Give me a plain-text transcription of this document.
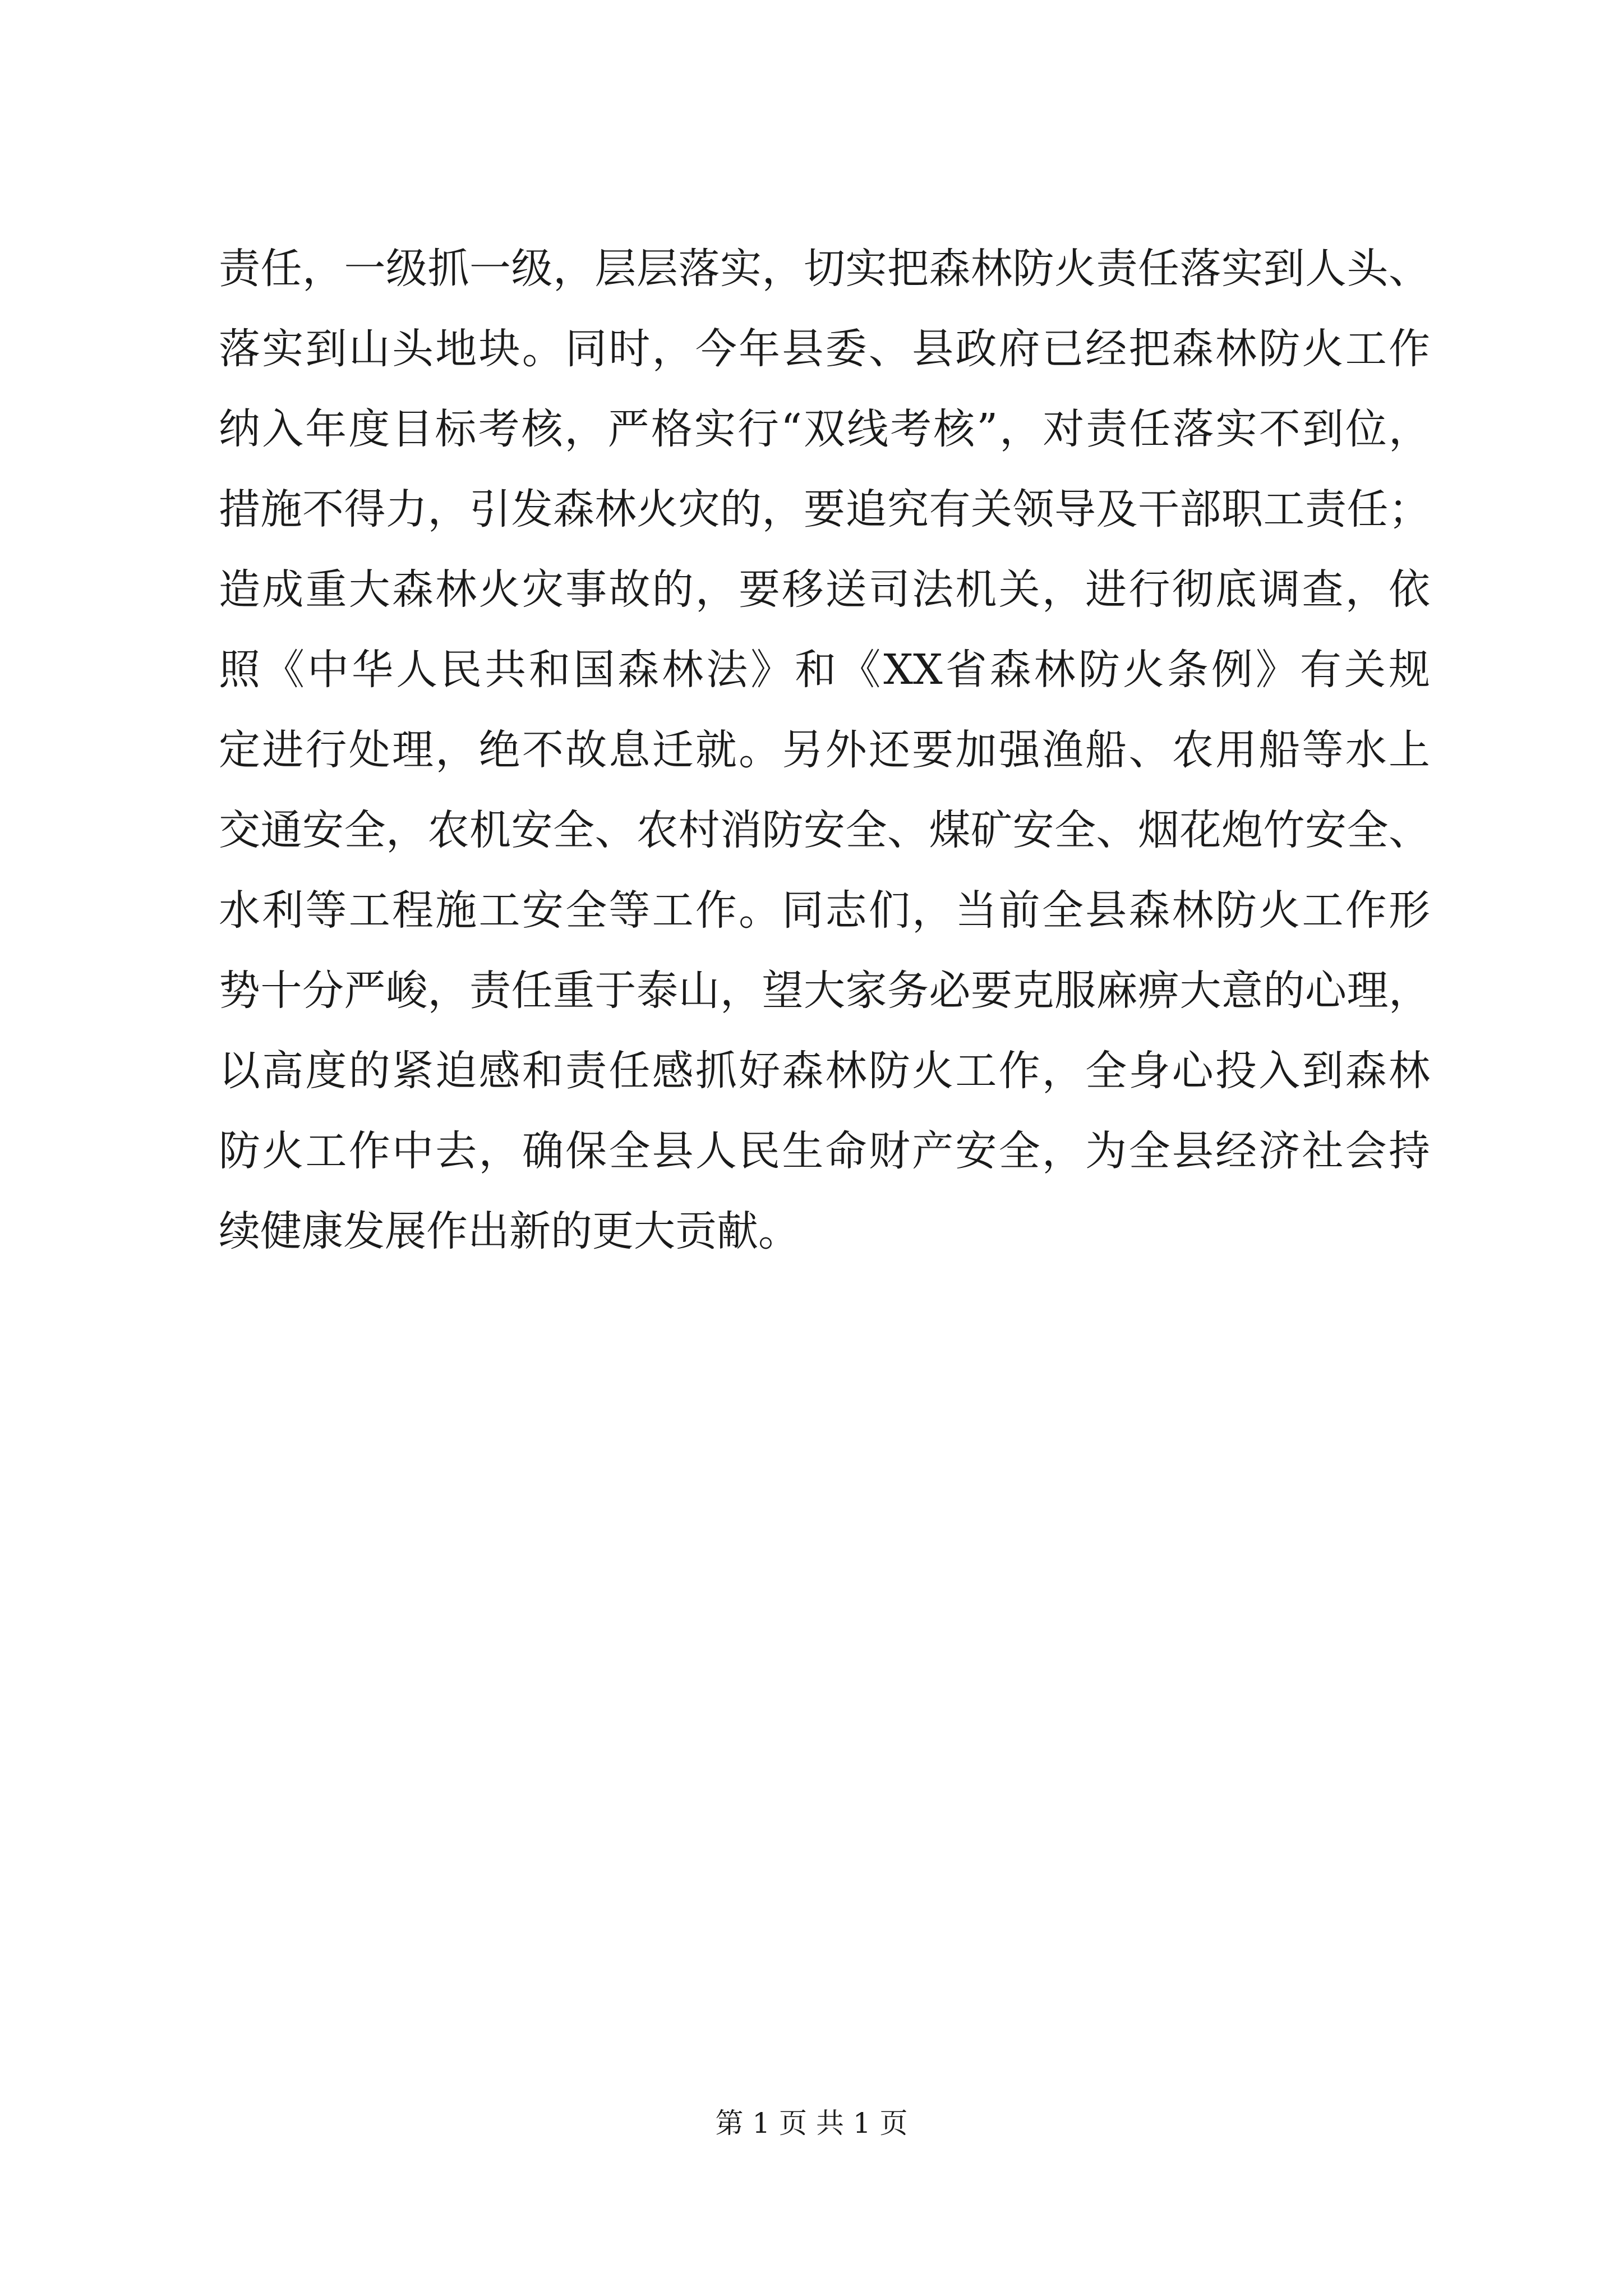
责任，一级抓一级，层层落实，切实把森林防火责任落实到人头、
落实到山头地块。同时，今年县委、县政府已经把森林防火工作
纳入年度目标考核，严格实行“双线考核”，对责任落实不到位，
措施不得力，引发森林火灾的，要追究有关领导及干部职工责任；
造成重大森林火灾事故的，要移送司法机关，进行彻底调查，依
照《中华人民共和国森林法》和《XX省森林防火条例》有关规
定进行处理，绝不故息迁就。另外还要加强渔船、农用船等水上
交通安全，农机安全、农村消防安全、煤矿安全、烟花炮竹安全、
水利等工程施工安全等工作。同志们，当前全县森林防火工作形
势十分严峻，责任重于泰山，望大家务必要克服麻痹大意的心理，
以高度的紧迫感和责任感抓好森林防火工作，全身心投入到森林
防火工作中去，确保全县人民生命财产安全，为全县经济社会持
续健康发展作出新的更大贡献。
第 1 页 共 1 页
